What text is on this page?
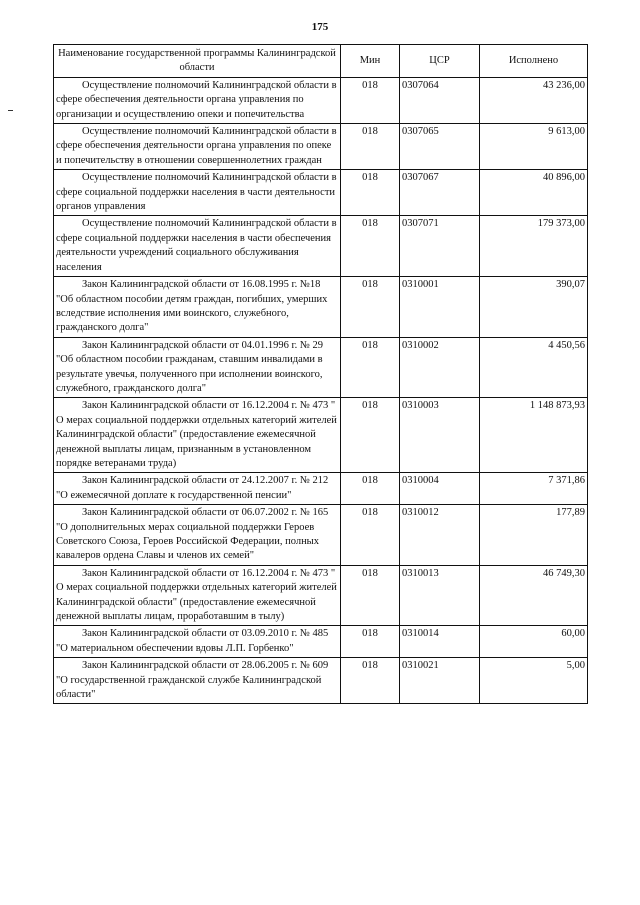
175
Наименование государственной программы Калининградской области	Мин	ЦСР	Исполнено
Осуществление полномочий Калининградской области в сфере обеспечения деятельности органа управления по организации и осуществлению опеки и попечительства	018	0307064	43 236,00
Осуществление полномочий Калининградской области в сфере обеспечения деятельности органа управления по опеке и попечительству в отношении совершеннолетних граждан	018	0307065	9 613,00
Осуществление полномочий Калининградской области в сфере социальной поддержки населения в части деятельности органов управления	018	0307067	40 896,00
Осуществление полномочий Калининградской области в сфере социальной поддержки населения в части обеспечения деятельности учреждений социального обслуживания населения	018	0307071	179 373,00
Закон Калининградской области от 16.08.1995 г. №18 "Об областном пособии детям граждан, погибших, умерших вследствие исполнения ими воинского, служебного, гражданского долга"	018	0310001	390,07
Закон Калининградской области от 04.01.1996 г. № 29 "Об областном пособии гражданам, ставшим инвалидами в результате увечья, полученного при исполнении воинского, служебного, гражданского долга"	018	0310002	4 450,56
Закон Калининградской области от 16.12.2004 г. № 473 " О мерах социальной поддержки отдельных категорий жителей Калининградской области" (предоставление ежемесячной денежной выплаты лицам, признанным в установленном порядке ветеранами труда)	018	0310003	1 148 873,93
Закон Калининградской области от 24.12.2007 г. № 212 "О ежемесячной доплате к государственной пенсии"	018	0310004	7 371,86
Закон Калининградской области от 06.07.2002 г. № 165 "О дополнительных мерах социальной поддержки Героев Советского Союза, Героев Российской Федерации, полных кавалеров ордена Славы и членов их семей"	018	0310012	177,89
Закон Калининградской области от 16.12.2004 г. № 473 " О мерах социальной поддержки отдельных категорий жителей Калининградской области" (предоставление ежемесячной денежной выплаты лицам, проработавшим в тылу)	018	0310013	46 749,30
Закон Калининградской области от 03.09.2010 г. № 485 "О материальном обеспечении вдовы Л.П. Горбенко"	018	0310014	60,00
Закон Калининградской области от 28.06.2005 г. № 609 "О государственной гражданской службе Калининградской области"	018	0310021	5,00
